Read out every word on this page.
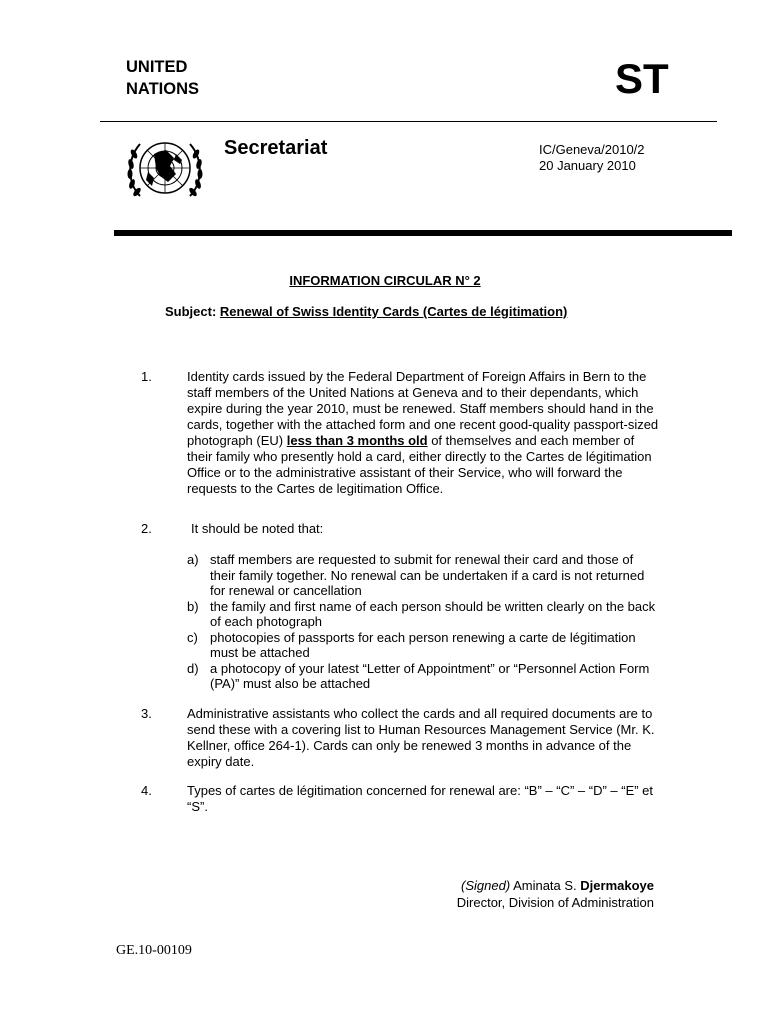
UNITED
NATIONS	ST
Secretariat	IC/Geneva/2010/2
20 January 2010
INFORMATION CIRCULAR N° 2
Subject: Renewal of Swiss Identity Cards (Cartes de légitimation)
1.	Identity cards issued by the Federal Department of Foreign Affairs in Bern to the staff members of the United Nations at Geneva and to their dependants, which expire during the year 2010, must be renewed. Staff members should hand in the cards, together with the attached form and one recent good-quality passport-sized photograph (EU) less than 3 months old of themselves and each member of their family who presently hold a card, either directly to the Cartes de légitimation Office or to the administrative assistant of their Service, who will forward the requests to the Cartes de legitimation Office.
2.	It should be noted that:
a) staff members are requested to submit for renewal their card and those of their family together. No renewal can be undertaken if a card is not returned for renewal or cancellation
b) the family and first name of each person should be written clearly on the back of each photograph
c) photocopies of passports for each person renewing a carte de légitimation must be attached
d) a photocopy of your latest “Letter of Appointment” or “Personnel Action Form (PA)” must also be attached
3.	Administrative assistants who collect the cards and all required documents are to send these with a covering list to Human Resources Management Service (Mr. K. Kellner, office 264-1). Cards can only be renewed 3 months in advance of the expiry date.
4.	Types of cartes de légitimation concerned for renewal are: “B” – “C” – “D” – “E” et “S”.
(Signed) Aminata S. Djermakoye
Director, Division of Administration
GE.10-00109
